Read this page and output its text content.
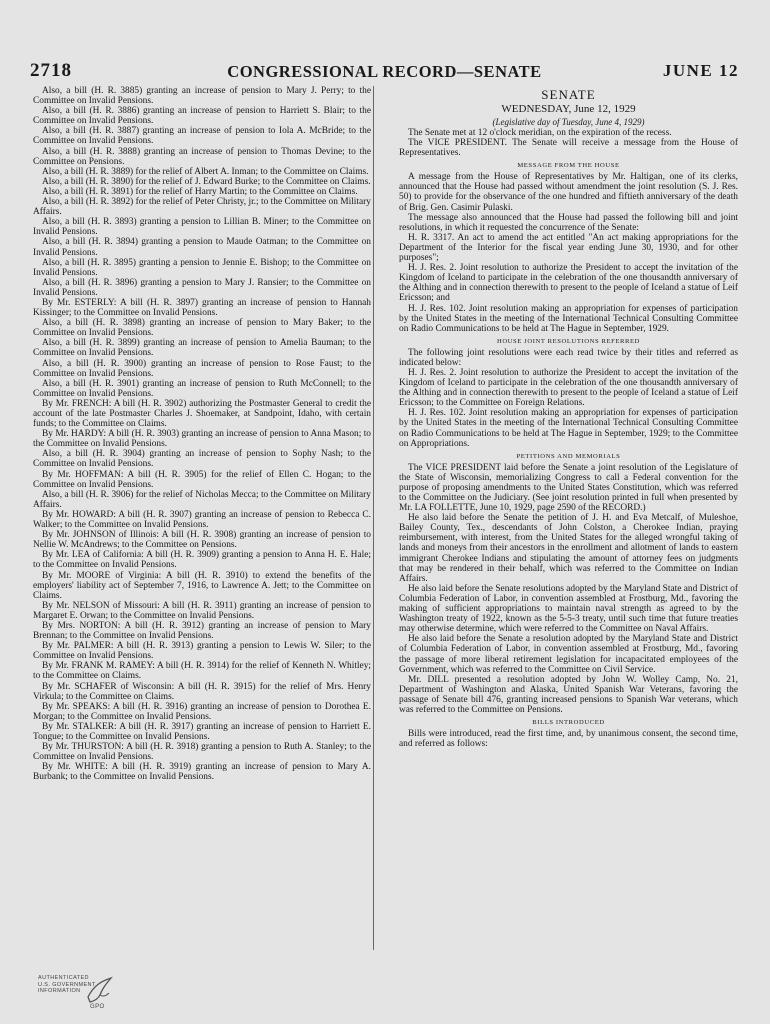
2718	CONGRESSIONAL RECORD—SENATE	JUNE 12

Also, a bill (H. R. 3885) granting an increase of pension to Mary J. Perry; to the Committee on Invalid Pensions.

Also, a bill (H. R. 3886) granting an increase of pension to Harriett S. Blair; to the Committee on Invalid Pensions.

Also, a bill (H. R. 3887) granting an increase of pension to Iola A. McBride; to the Committee on Invalid Pensions.

Also, a bill (H. R. 3888) granting an increase of pension to Thomas Devine; to the Committee on Pensions.

Also, a bill (H. R. 3889) for the relief of Albert A. Inman; to the Committee on Claims.

Also, a bill (H. R. 3890) for the relief of J. Edward Burke; to the Committee on Claims.

Also, a bill (H. R. 3891) for the relief of Harry Martin; to the Committee on Claims.

Also, a bill (H. R. 3892) for the relief of Peter Christy, jr.; to the Committee on Military Affairs.

Also, a bill (H. R. 3893) granting a pension to Lillian B. Miner; to the Committee on Invalid Pensions.

Also, a bill (H. R. 3894) granting a pension to Maude Oatman; to the Committee on Invalid Pensions.

Also, a bill (H. R. 3895) granting a pension to Jennie E. Bishop; to the Committee on Invalid Pensions.

Also, a bill (H. R. 3896) granting a pension to Mary J. Ransier; to the Committee on Invalid Pensions.

By Mr. ESTERLY: A bill (H. R. 3897) granting an increase of pension to Hannah Kissinger; to the Committee on Invalid Pensions.

Also, a bill (H. R. 3898) granting an increase of pension to Mary Baker; to the Committee on Invalid Pensions.

Also, a bill (H. R. 3899) granting an increase of pension to Amelia Bauman; to the Committee on Invalid Pensions.

Also, a bill (H. R. 3900) granting an increase of pension to Rose Faust; to the Committee on Invalid Pensions.

Also, a bill (H. R. 3901) granting an increase of pension to Ruth McConnell; to the Committee on Invalid Pensions.

By Mr. FRENCH: A bill (H. R. 3902) authorizing the Postmaster General to credit the account of the late Postmaster Charles J. Shoemaker, at Sandpoint, Idaho, with certain funds; to the Committee on Claims.

By Mr. HARDY: A bill (H. R. 3903) granting an increase of pension to Anna Mason; to the Committee on Invalid Pensions.

Also, a bill (H. R. 3904) granting an increase of pension to Sophy Nash; to the Committee on Invalid Pensions.

By Mr. HOFFMAN: A bill (H. R. 3905) for the relief of Ellen C. Hogan; to the Committee on Invalid Pensions.

Also, a bill (H. R. 3906) for the relief of Nicholas Mecca; to the Committee on Military Affairs.

By Mr. HOWARD: A bill (H. R. 3907) granting an increase of pension to Rebecca C. Walker; to the Committee on Invalid Pensions.

By Mr. JOHNSON of Illinois: A bill (H. R. 3908) granting an increase of pension to Nellie W. McAndrews; to the Committee on Pensions.

By Mr. LEA of California: A bill (H. R. 3909) granting a pension to Anna H. E. Hale; to the Committee on Invalid Pensions.

By Mr. MOORE of Virginia: A bill (H. R. 3910) to extend the benefits of the employers' liability act of September 7, 1916, to Lawrence A. Jett; to the Committee on Claims.

By Mr. NELSON of Missouri: A bill (H. R. 3911) granting an increase of pension to Margaret E. Orwan; to the Committee on Invalid Pensions.

By Mrs. NORTON: A bill (H. R. 3912) granting an increase of pension to Mary Brennan; to the Committee on Invalid Pensions.

By Mr. PALMER: A bill (H. R. 3913) granting a pension to Lewis W. Siler; to the Committee on Invalid Pensions.

By Mr. FRANK M. RAMEY: A bill (H. R. 3914) for the relief of Kenneth N. Whitley; to the Committee on Claims.

By Mr. SCHAFER of Wisconsin: A bill (H. R. 3915) for the relief of Mrs. Henry Virkula; to the Committee on Claims.

By Mr. SPEAKS: A bill (H. R. 3916) granting an increase of pension to Dorothea E. Morgan; to the Committee on Invalid Pensions.

By Mr. STALKER: A bill (H. R. 3917) granting an increase of pension to Harriett E. Tongue; to the Committee on Invalid Pensions.

By Mr. THURSTON: A bill (H. R. 3918) granting a pension to Ruth A. Stanley; to the Committee on Invalid Pensions.

By Mr. WHITE: A bill (H. R. 3919) granting an increase of pension to Mary A. Burbank; to the Committee on Invalid Pensions.

SENATE

WEDNESDAY, June 12, 1929

(Legislative day of Tuesday, June 4, 1929)

The Senate met at 12 o'clock meridian, on the expiration of the recess.

The VICE PRESIDENT. The Senate will receive a message from the House of Representatives.

MESSAGE FROM THE HOUSE

A message from the House of Representatives by Mr. Haltigan, one of its clerks, announced that the House had passed without amendment the joint resolution (S. J. Res. 50) to provide for the observance of the one hundred and fiftieth anniversary of the death of Brig. Gen. Casimir Pulaski.

The message also announced that the House had passed the following bill and joint resolutions, in which it requested the concurrence of the Senate:

H. R. 3317. An act to amend the act entitled "An act making appropriations for the Department of the Interior for the fiscal year ending June 30, 1930, and for other purposes";

H. J. Res. 2. Joint resolution to authorize the President to accept the invitation of the Kingdom of Iceland to participate in the celebration of the one thousandth anniversary of the Althing and in connection therewith to present to the people of Iceland a statue of Leif Ericsson; and

H. J. Res. 102. Joint resolution making an appropriation for expenses of participation by the United States in the meeting of the International Technical Consulting Committee on Radio Communications to be held at The Hague in September, 1929.

HOUSE JOINT RESOLUTIONS REFERRED

The following joint resolutions were each read twice by their titles and referred as indicated below:

H. J. Res. 2. Joint resolution to authorize the President to accept the invitation of the Kingdom of Iceland to participate in the celebration of the one thousandth anniversary of the Althing and in connection therewith to present to the people of Iceland a statue of Leif Ericsson; to the Committee on Foreign Relations.

H. J. Res. 102. Joint resolution making an appropriation for expenses of participation by the United States in the meeting of the International Technical Consulting Committee on Radio Communications to be held at The Hague in September, 1929; to the Committee on Appropriations.

PETITIONS AND MEMORIALS

The VICE PRESIDENT laid before the Senate a joint resolution of the Legislature of the State of Wisconsin, memorializing Congress to call a Federal convention for the purpose of proposing amendments to the United States Constitution, which was referred to the Committee on the Judiciary. (See joint resolution printed in full when presented by Mr. LA FOLLETTE, June 10, 1929, page 2590 of the RECORD.)

He also laid before the Senate the petition of J. H. and Eva Metcalf, of Muleshoe, Bailey County, Tex., descendants of John Colston, a Cherokee Indian, praying reimbursement, with interest, from the United States for the alleged wrongful taking of lands and moneys from their ancestors in the enrollment and allotment of lands to eastern immigrant Cherokee Indians and stipulating the amount of attorney fees on judgments that may be rendered in their behalf, which was referred to the Committee on Indian Affairs.

He also laid before the Senate resolutions adopted by the Maryland State and District of Columbia Federation of Labor, in convention assembled at Frostburg, Md., favoring the making of sufficient appropriations to maintain naval strength as agreed to by the Washington treaty of 1922, known as the 5-5-3 treaty, until such time that future treaties may otherwise determine, which were referred to the Committee on Naval Affairs.

He also laid before the Senate a resolution adopted by the Maryland State and District of Columbia Federation of Labor, in convention assembled at Frostburg, Md., favoring the passage of more liberal retirement legislation for incapacitated employees of the Government, which was referred to the Committee on Civil Service.

Mr. DILL presented a resolution adopted by John W. Wolley Camp, No. 21, Department of Washington and Alaska, United Spanish War Veterans, favoring the passage of Senate bill 476, granting increased pensions to Spanish War veterans, which was referred to the Committee on Pensions.

BILLS INTRODUCED

Bills were introduced, read the first time, and, by unanimous consent, the second time, and referred as follows:

AUTHENTICATED
U.S. GOVERNMENT
INFORMATION
GPO
